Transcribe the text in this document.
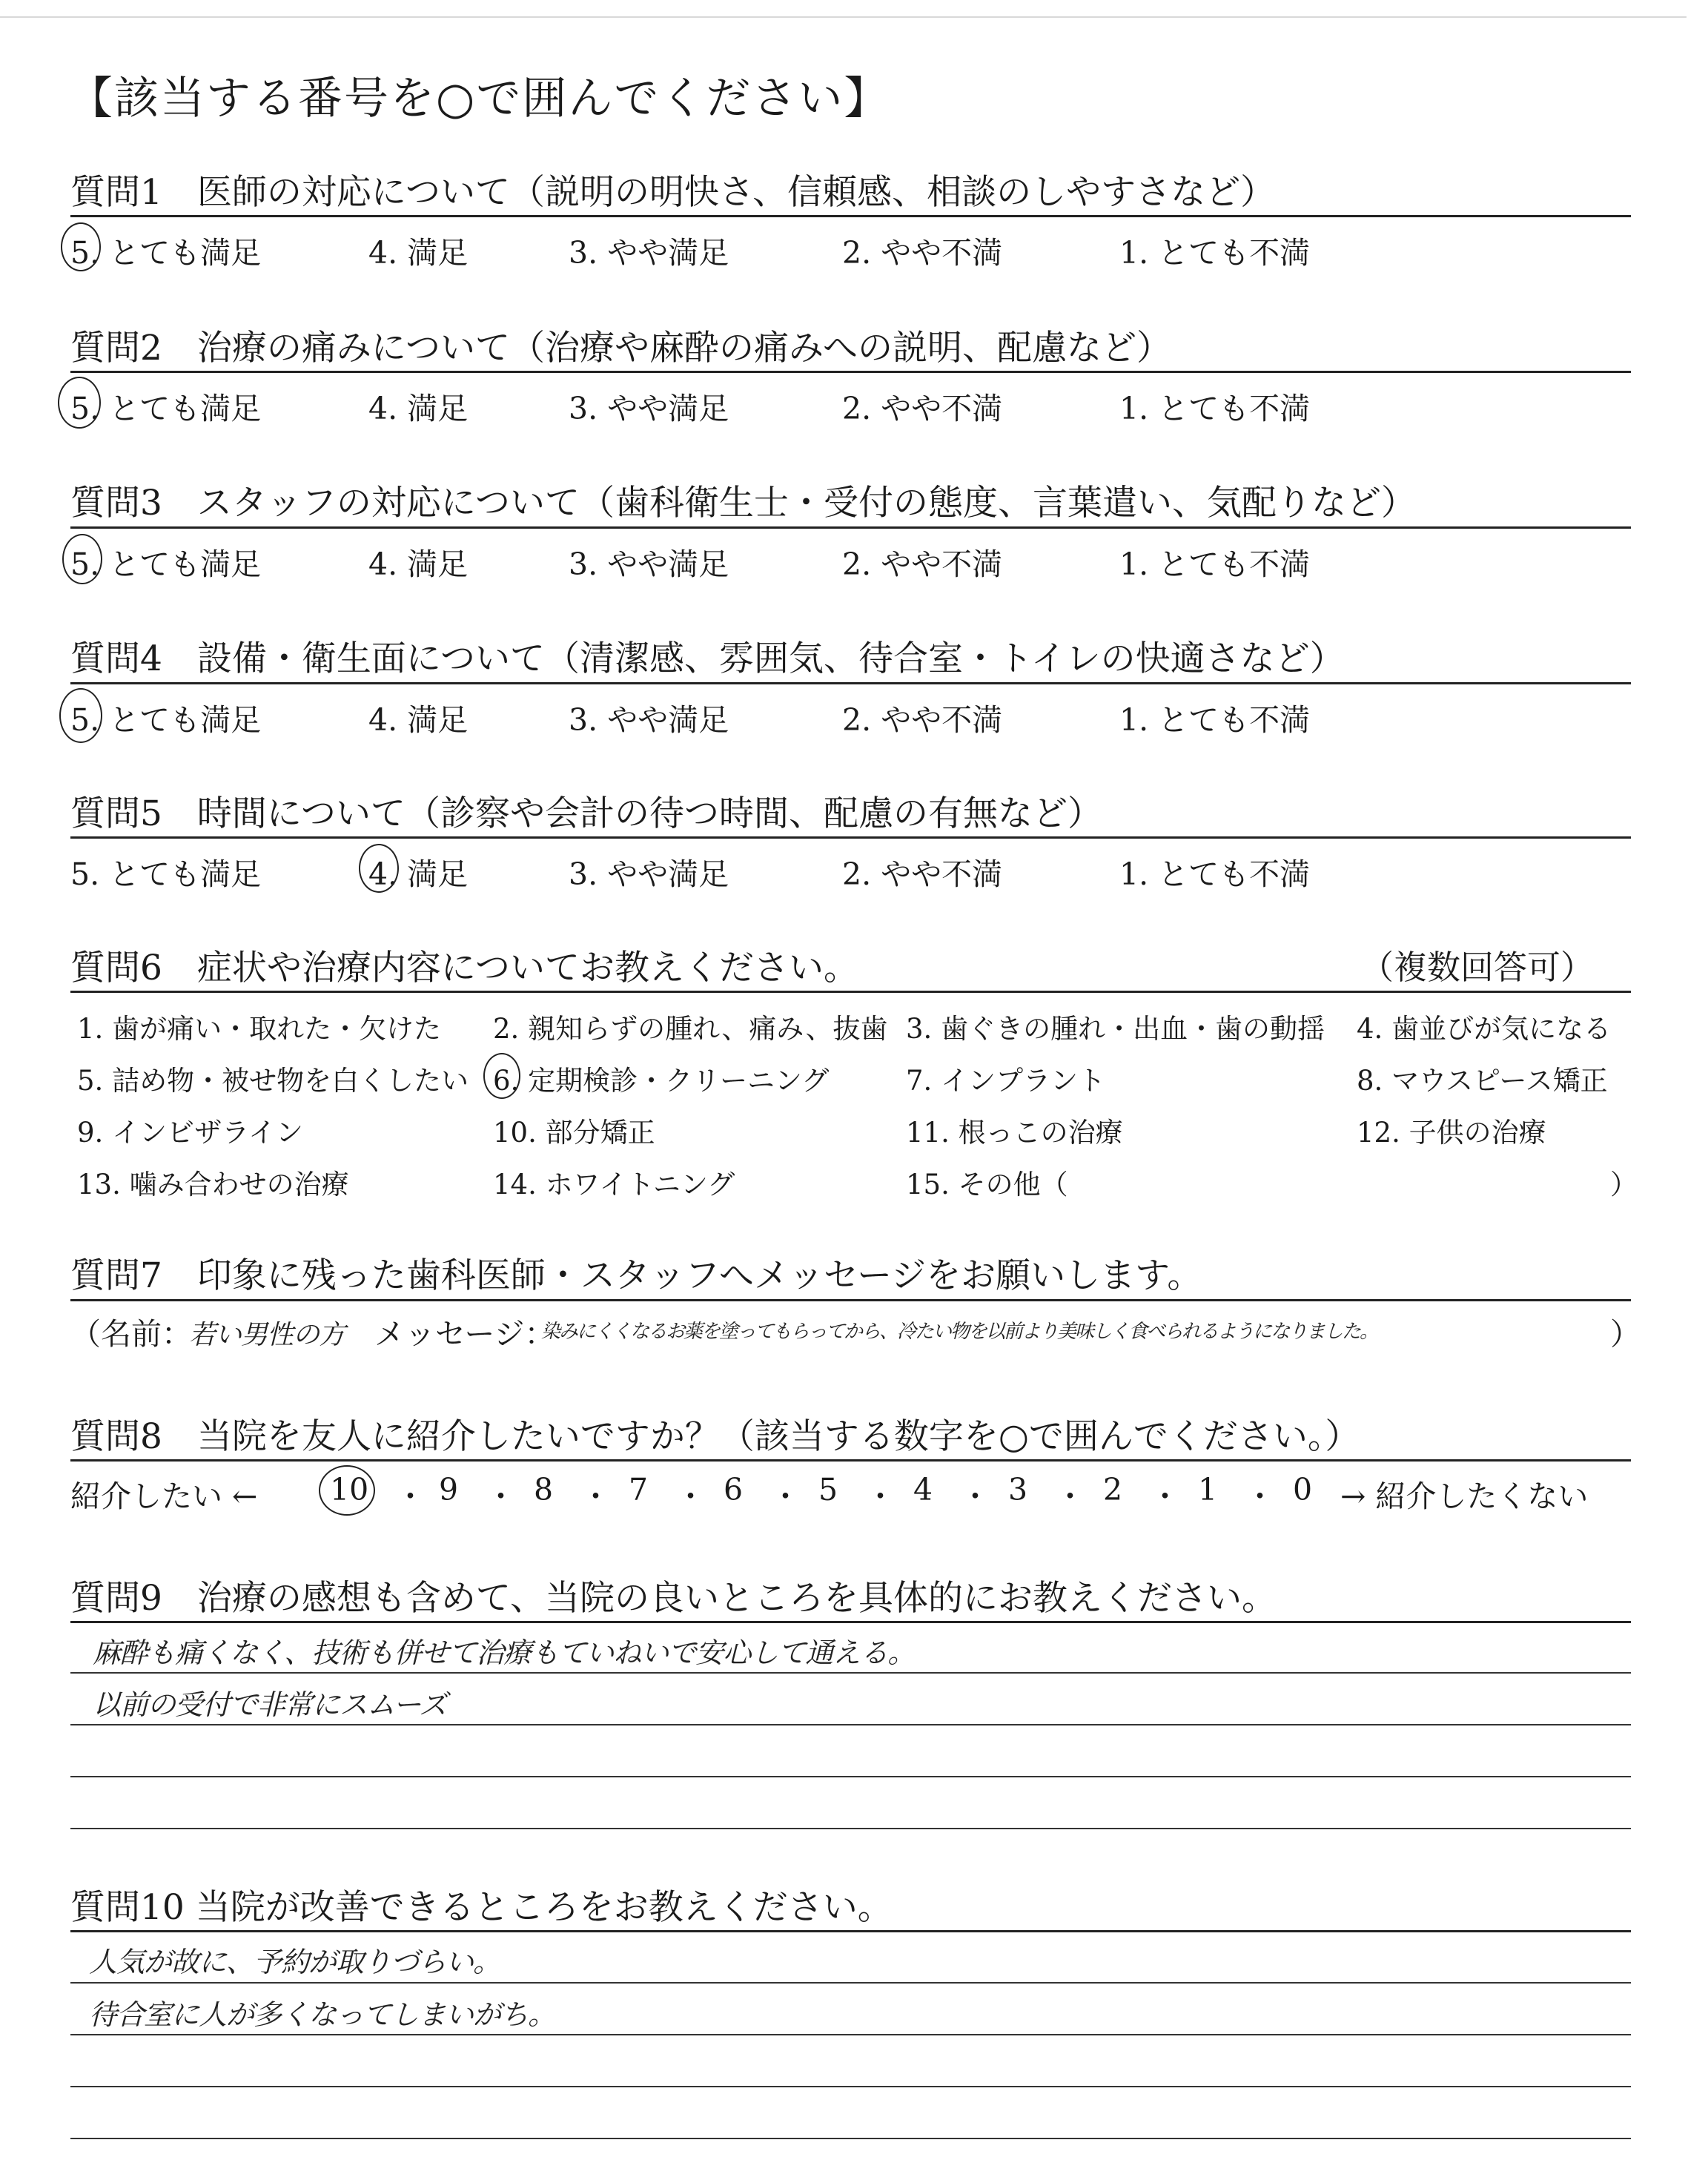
【該当する番号を○で囲んでください】
質問1　医師の対応について（説明の明快さ、信頼感、相談のしやすさなど）
5. とても満足	4. 満足	3. やや満足	2. やや不満	1. とても不満
質問2　治療の痛みについて（治療や麻酔の痛みへの説明、配慮など）
5. とても満足	4. 満足	3. やや満足	2. やや不満	1. とても不満
質問3　スタッフの対応について（歯科衛生士・受付の態度、言葉遣い、気配りなど）
5. とても満足	4. 満足	3. やや満足	2. やや不満	1. とても不満
質問4　設備・衛生面について（清潔感、雰囲気、待合室・トイレの快適さなど）
5. とても満足	4. 満足	3. やや満足	2. やや不満	1. とても不満
質問5　時間について（診察や会計の待つ時間、配慮の有無など）
5. とても満足	4. 満足	3. やや満足	2. やや不満	1. とても不満
質問6　症状や治療内容についてお教えください。	（複数回答可）
1. 歯が痛い・取れた・欠けた 2. 親知らずの腫れ、痛み、抜歯 3. 歯ぐきの腫れ・出血・歯の動揺 4. 歯並びが気になる
5. 詰め物・被せ物を白くしたい 6. 定期検診・クリーニング	7. インプラント	8. マウスピース矯正
9. インビザライン	10. 部分矯正	11. 根っこの治療	12. 子供の治療
13. 噛み合わせの治療	14. ホワイトニング	15. その他（	）
質問7　印象に残った歯科医師・スタッフへメッセージをお願いします。
（名前：
若い男性の方 メッセージ：
染みにくくなるお薬を塗ってもらってから、冷たい物を以前より美味しく食べられるようになりました。	）
質問8　当院を友人に紹介したいですか？（該当する数字を○で囲んでください。）
紹介したい ←	→ 紹介したくない
10 ・ 9 ・ 8 ・ 7 ・ 6 ・ 5 ・ 4 ・ 3 ・ 2 ・ 1 ・ 0
質問9　治療の感想も含めて、当院の良いところを具体的にお教えください。
麻酔も痛くなく、技術も併せて治療もていねいで安心して通える。
以前の受付で非常にスムーズ
質問10 当院が改善できるところをお教えください。
人気が故に、予約が取りづらい。
待合室に人が多くなってしまいがち。
